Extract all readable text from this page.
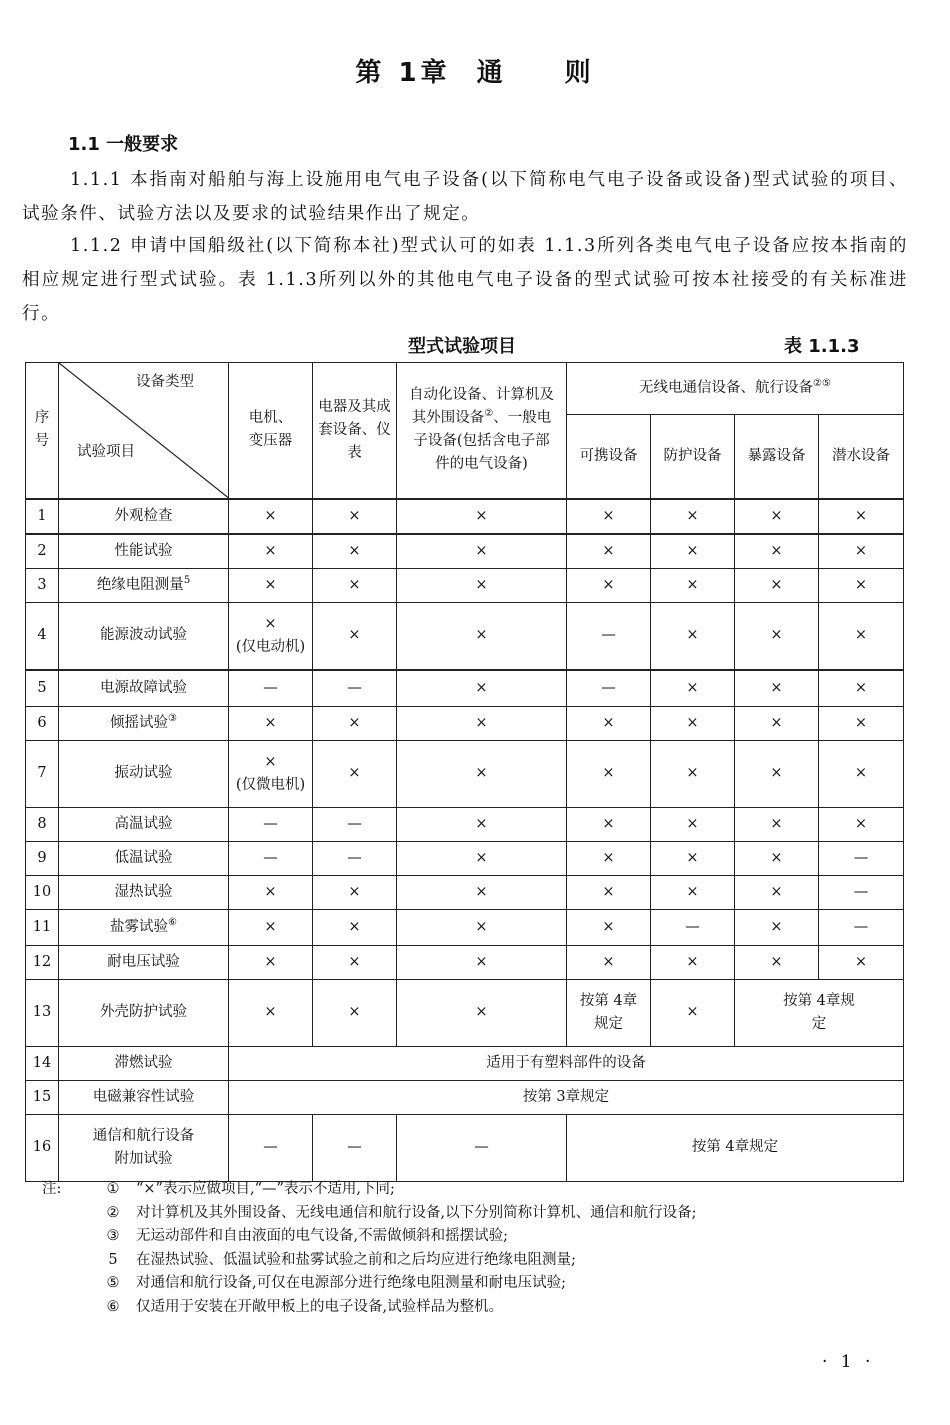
第 1章 通 则
1.1 一般要求

1.1.1 本指南对船舶与海上设施用电气电子设备(以下简称电气电子设备或设备)型式试验的项目、试验条件、试验方法以及要求的试验结果作出了规定。

1.1.2 申请中国船级社(以下简称本社)型式认可的如表 1.1.3所列各类电气电子设备应按本指南的相应规定进行型式试验。表 1.1.3所列以外的其他电气电子设备的型式试验可按本社接受的有关标准进行。

型式试验项目	表 1.1.3
序号	设备类型
试验项目	电机、变压器	电器及其成套设备、仪表	自动化设备、计算机及其外围设备②、一般电子设备(包括含电子部件的电气设备)	无线电通信设备、航行设备②⑤
					可携设备	防护设备	暴露设备	潜水设备
1	外观检查	×	×	×	×	×	×	×
2	性能试验	×	×	×	×	×	×	×
3	绝缘电阻测量$^5$	×	×	×	×	×	×	×
4	能源波动试验	×
(仅电动机)	×	×	—	×	×	×
5	电源故障试验	—	—	×	—	×	×	×
6	倾摇试验③	×	×	×	×	×	×	×
7	振动试验	×
(仅微电机)	×	×	×	×	×	×
8	高温试验	—	—	×	×	×	×	×
9	低温试验	—	—	×	×	×	×	—
10	湿热试验	×	×	×	×	×	×	—
11	盐雾试验⑥	×	×	×	×	—	×	—
12	耐电压试验	×	×	×	×	×	×	×
13	外壳防护试验	×	×	×	按第 4章规定	×	按第 4章规定	
14	滞燃试验	适用于有塑料部件的设备						
15	电磁兼容性试验	按第 3章规定						
16	通信和航行设备
附加试验	—	—	—	按第 4章规定			
注:	①	“×”表示应做项目,“—”表示不适用,下同;
②	对计算机及其外围设备、无线电通信和航行设备,以下分别简称计算机、通信和航行设备;
③	无运动部件和自由液面的电气设备,不需做倾斜和摇摆试验;
5	在湿热试验、低温试验和盐雾试验之前和之后均应进行绝缘电阻测量;
⑤	对通信和航行设备,可仅在电源部分进行绝缘电阻测量和耐电压试验;
⑥	仅适用于安装在开敞甲板上的电子设备,试验样品为整机。
· 1 ·
